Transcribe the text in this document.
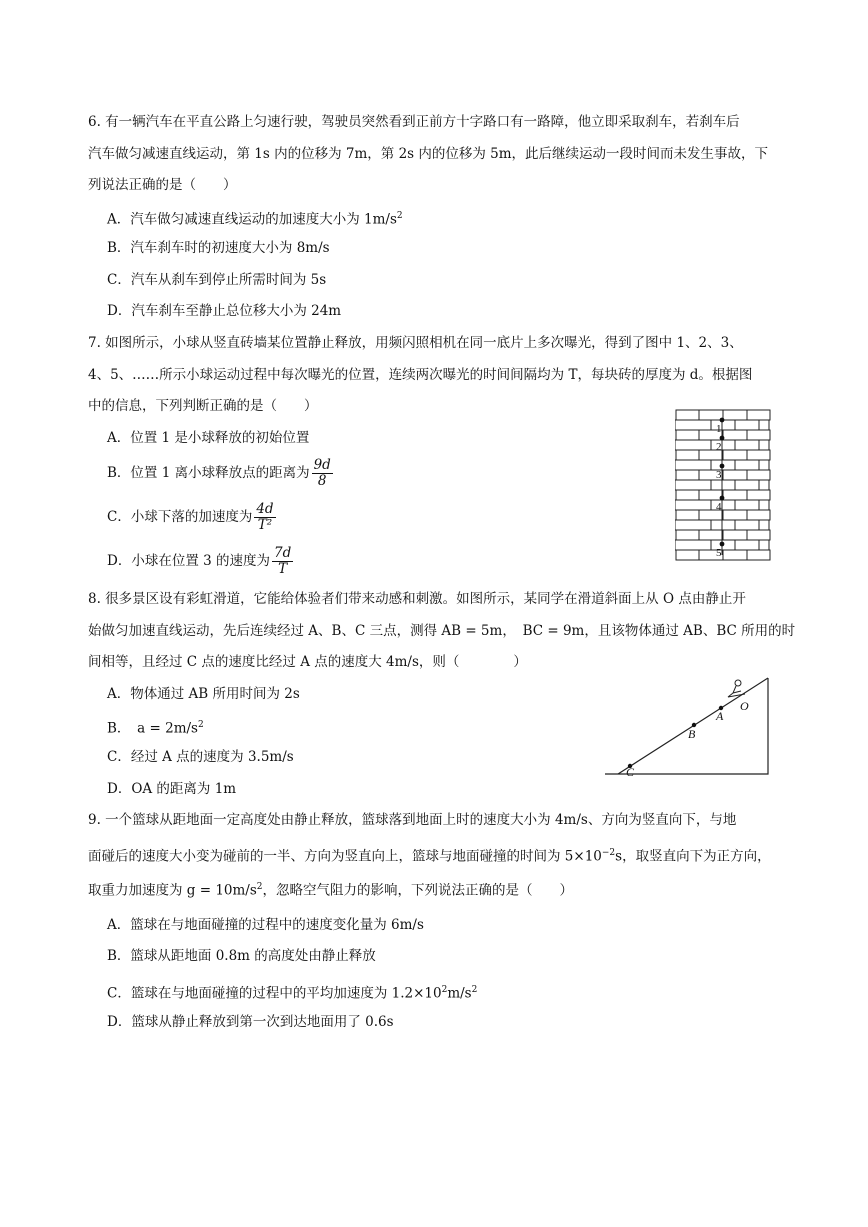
6. 有一辆汽车在平直公路上匀速行驶，驾驶员突然看到正前方十字路口有一路障，他立即采取刹车，若刹车后
汽车做匀减速直线运动，第 1s 内的位移为 7m，第 2s 内的位移为 5m，此后继续运动一段时间而未发生事故，下
列说法正确的是（　　）
A．汽车做匀减速直线运动的加速度大小为 $1m/s^2$
B．汽车刹车时的初速度大小为 8m/s
C．汽车从刹车到停止所需时间为 5s
D．汽车刹车至静止总位移大小为 24m
7. 如图所示，小球从竖直砖墙某位置静止释放，用频闪照相机在同一底片上多次曝光，得到了图中 1、2、3、
4、5、……所示小球运动过程中每次曝光的位置，连续两次曝光的时间间隔均为 T，每块砖的厚度为 d。根据图
中的信息，下列判断正确的是（　　）
A．位置 1 是小球释放的初始位置
B．位置 1 离小球释放点的距离为 $\frac{9d}{8}$
C．小球下落的加速度为 $\frac{4d}{\text{T²}}$
D．小球在位置 3 的速度为 $\frac{7d}{T}$
1
2
3
4
5
8. 很多景区设有彩虹滑道，它能给体验者们带来动感和刺激。如图所示，某同学在滑道斜面上从 O 点由静止开
始做匀加速直线运动，先后连续经过 A、B、C 三点，测得 AB = 5m，　BC = 9m，且该物体通过 AB、BC 所用的时
间相等，且经过 C 点的速度比经过 A 点的速度大 4m/s，则（　　　　）
A．物体通过 AB 所用时间为 2s
B．　$a = 2m/s^2$
C．经过 A 点的速度为 3.5m/s
D．OA 的距离为 1m
O
A
B
C
9. 一个篮球从距地面一定高度处由静止释放，篮球落到地面上时的速度大小为 4m/s、方向为竖直向下，与地
面碰后的速度大小变为碰前的一半、方向为竖直向上，篮球与地面碰撞的时间为 $5\times 10^{-2}s$，取竖直向下为正方向，
取重力加速度为 $g = 10m/s^2$，忽略空气阻力的影响，下列说法正确的是（　　）
A．篮球在与地面碰撞的过程中的速度变化量为 6m/s
B．篮球从距地面 0.8m 的高度处由静止释放
C．篮球在与地面碰撞的过程中的平均加速度为 $1.2\times 10^2m/s^2$
D．篮球从静止释放到第一次到达地面用了 0.6s
